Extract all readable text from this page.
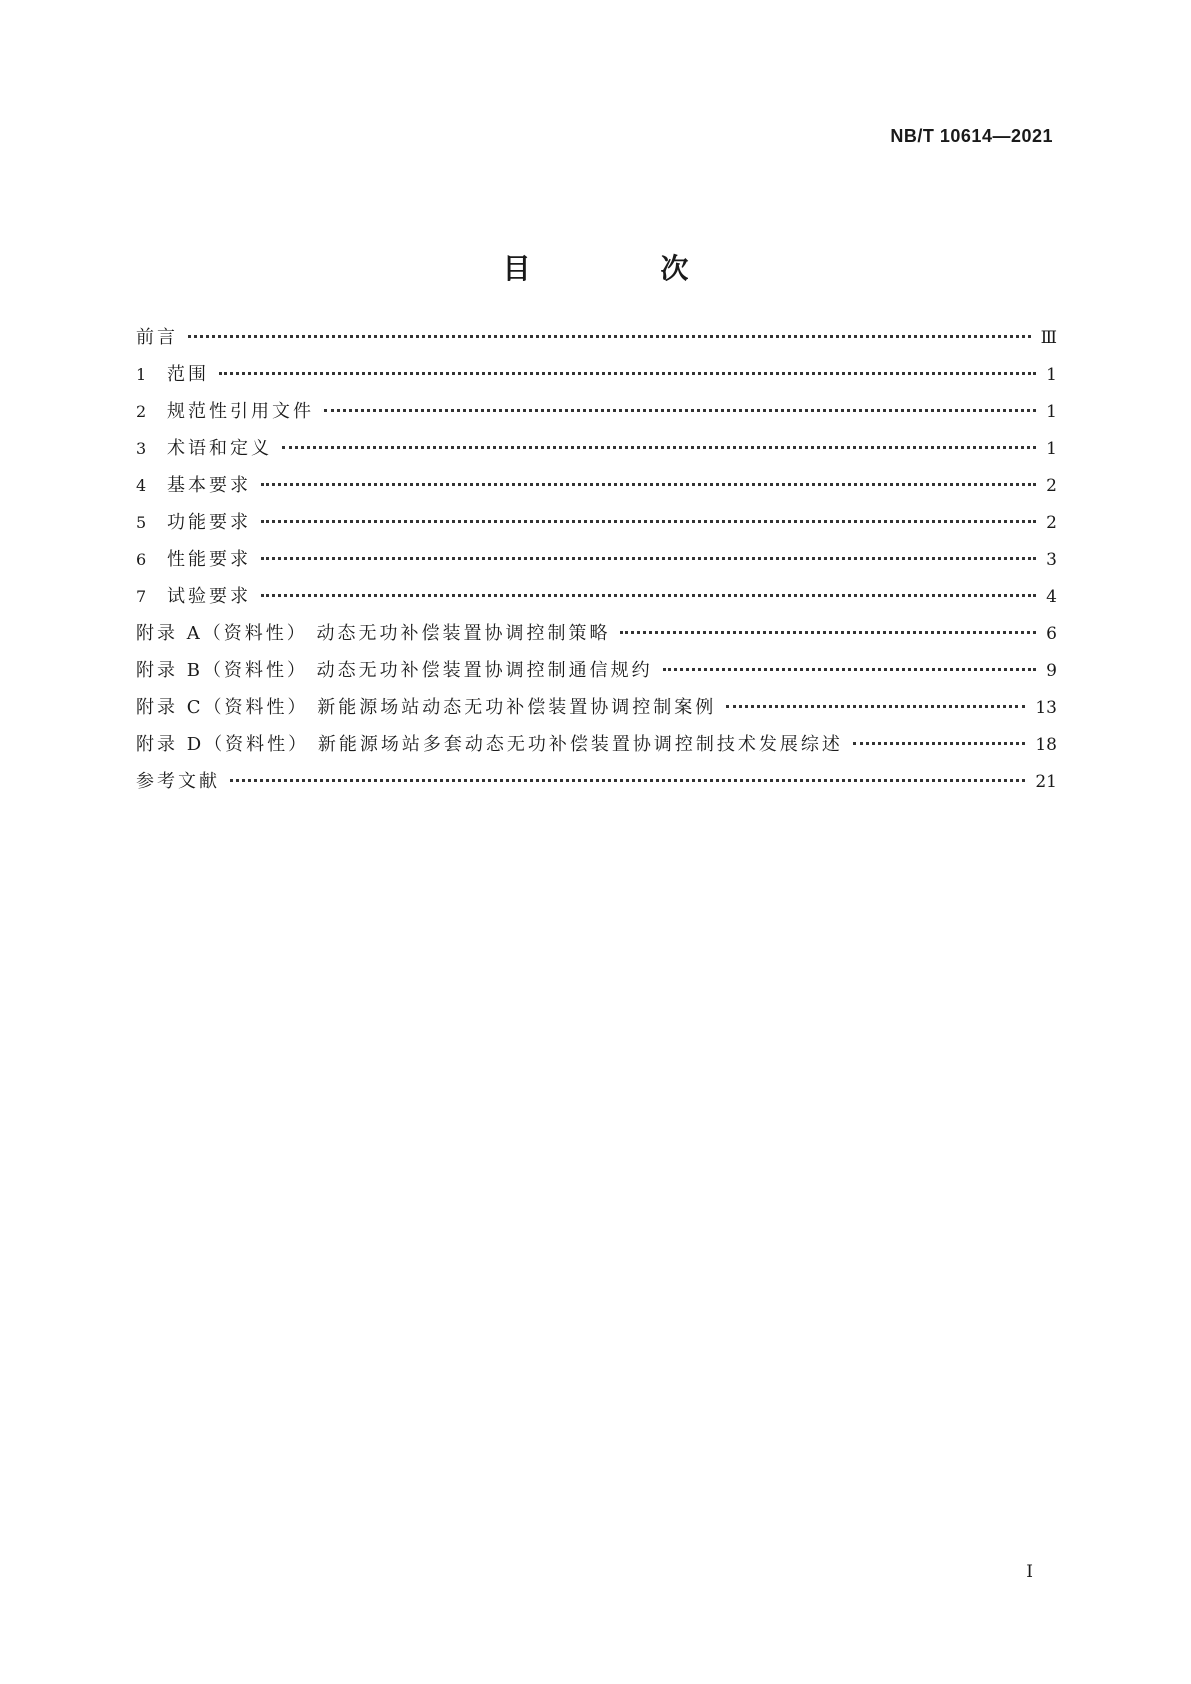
NB/T 10614—2021
目 次
前言	Ⅲ
1	范围	1
2	规范性引用文件	1
3	术语和定义	1
4	基本要求	2
5	功能要求	2
6	性能要求	3
7	试验要求	4
附录 A（资料性） 动态无功补偿装置协调控制策略	6
附录 B（资料性） 动态无功补偿装置协调控制通信规约	9
附录 C（资料性） 新能源场站动态无功补偿装置协调控制案例	13
附录 D（资料性） 新能源场站多套动态无功补偿装置协调控制技术发展综述	18
参考文献	21
I
